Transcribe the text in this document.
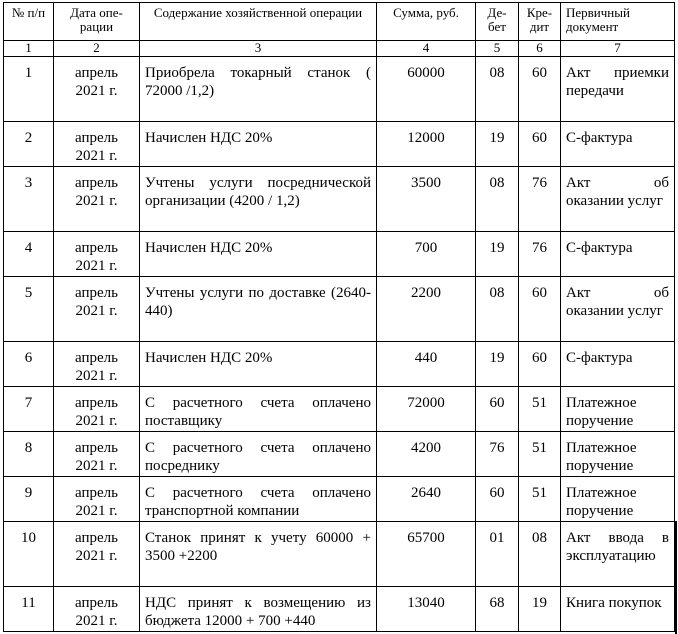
№ п/п	Дата опе- рации	Содержание хозяйственной операции	Сумма, руб.	Де- бет	Кре- дит	Первичный документ
1	2	3	4	5	6	7
1	апрель 2021 г.	Приобрела токарный станок ( 72000 /1,2)	60000	08	60	Акт приемки передачи
2	апрель 2021 г.	Начислен НДС 20%	12000	19	60	С-фактура
3	апрель 2021 г.	Учтены услуги посреднической организации (4200 / 1,2)	3500	08	76	Акт об оказании услуг
4	апрель 2021 г.	Начислен НДС 20%	700	19	76	С-фактура
5	апрель 2021 г.	Учтены услуги по доставке (2640-440)	2200	08	60	Акт об оказании услуг
6	апрель 2021 г.	Начислен НДС 20%	440	19	60	С-фактура
7	апрель 2021 г.	С расчетного счета оплачено поставщику	72000	60	51	Платежное поручение
8	апрель 2021 г.	С расчетного счета оплачено посреднику	4200	76	51	Платежное поручение
9	апрель 2021 г.	С расчетного счета оплачено транспортной компании	2640	60	51	Платежное поручение
10	апрель 2021 г.	Станок принят к учету 60000 + 3500 +2200	65700	01	08	Акт ввода в эксплуатацию
11	апрель 2021 г.	НДС принят к возмещению из бюджета 12000 + 700 +440	13040	68	19	Книга покупок
